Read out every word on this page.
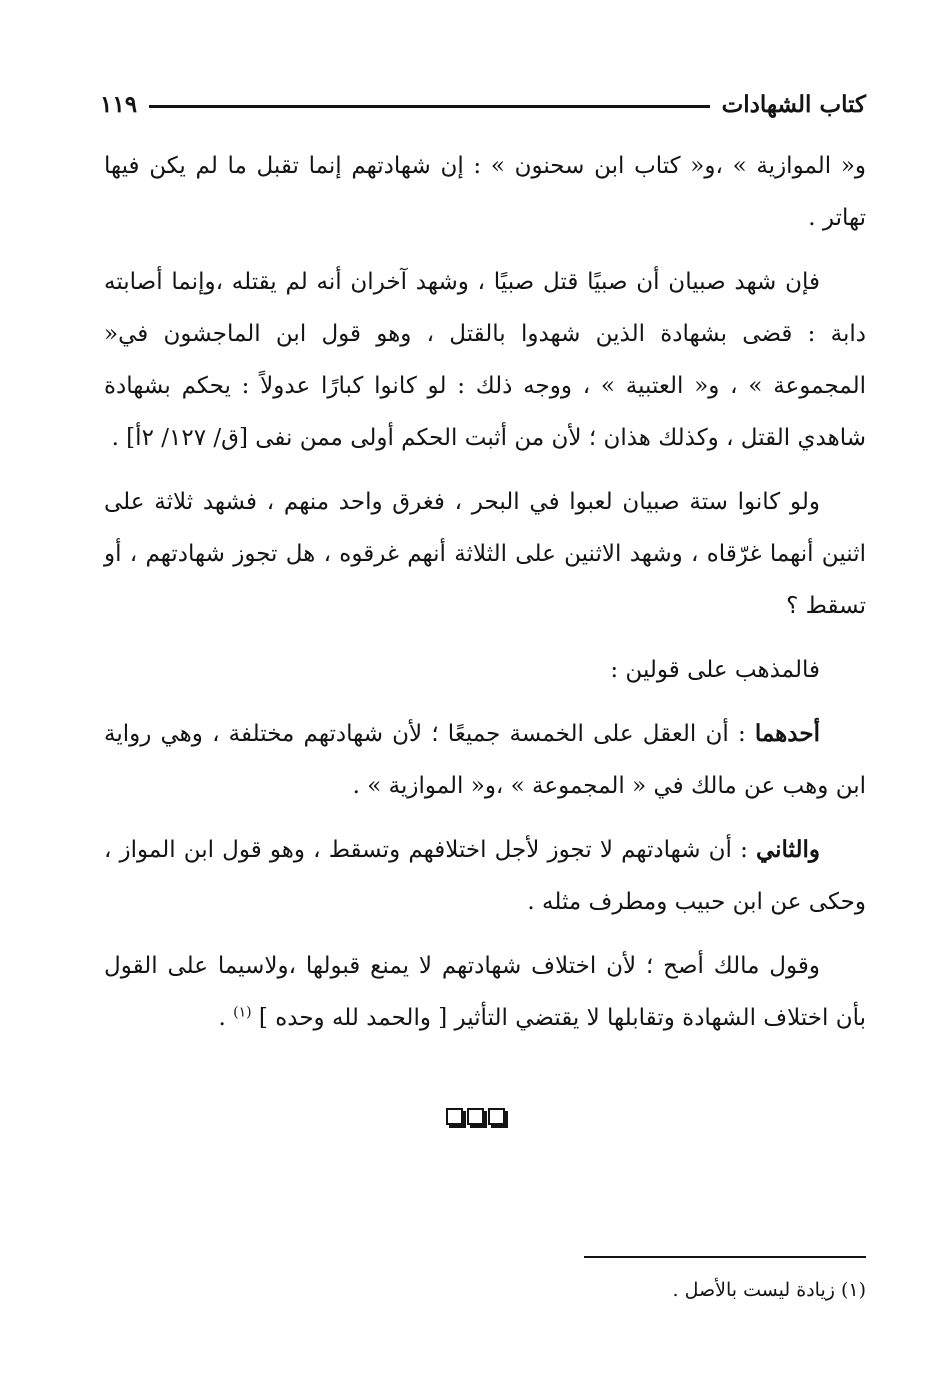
كتاب الشهادات
١١٩

و« الموازية » ،و« كتاب ابن سحنون » : إن شهادتهم إنما تقبل ما لم يكن فيها تهاتر .

فإن شهد صبيان أن صبيًا قتل صبيًا ، وشهد آخران أنه لم يقتله ،وإنما أصابته دابة : قضى بشهادة الذين شهدوا بالقتل ، وهو قول ابن الماجشون في« المجموعة » ، و« العتبية » ، ووجه ذلك : لو كانوا كبارًا عدولاً : يحكم بشهادة شاهدي القتل ، وكذلك هذان ؛ لأن من أثبت الحكم أولى ممن نفى [ق/ ١٢٧/ ٢أ] .

ولو كانوا ستة صبيان لعبوا في البحر ، فغرق واحد منهم ، فشهد ثلاثة على اثنين أنهما غرّقاه ، وشهد الاثنين على الثلاثة أنهم غرقوه ، هل تجوز شهادتهم ، أو تسقط ؟

فالمذهب على قولين :

أحدهما : أن العقل على الخمسة جميعًا ؛ لأن شهادتهم مختلفة ، وهي رواية ابن وهب عن مالك في « المجموعة » ،و« الموازية » .

والثاني : أن شهادتهم لا تجوز لأجل اختلافهم وتسقط ، وهو قول ابن المواز ، وحكى عن ابن حبيب ومطرف مثله .

وقول مالك أصح ؛ لأن اختلاف شهادتهم لا يمنع قبولها ،ولاسيما على القول بأن اختلاف الشهادة وتقابلها لا يقتضي التأثير [ والحمد لله وحده ] $^{(١)}$ .

(١) زيادة ليست بالأصل .
